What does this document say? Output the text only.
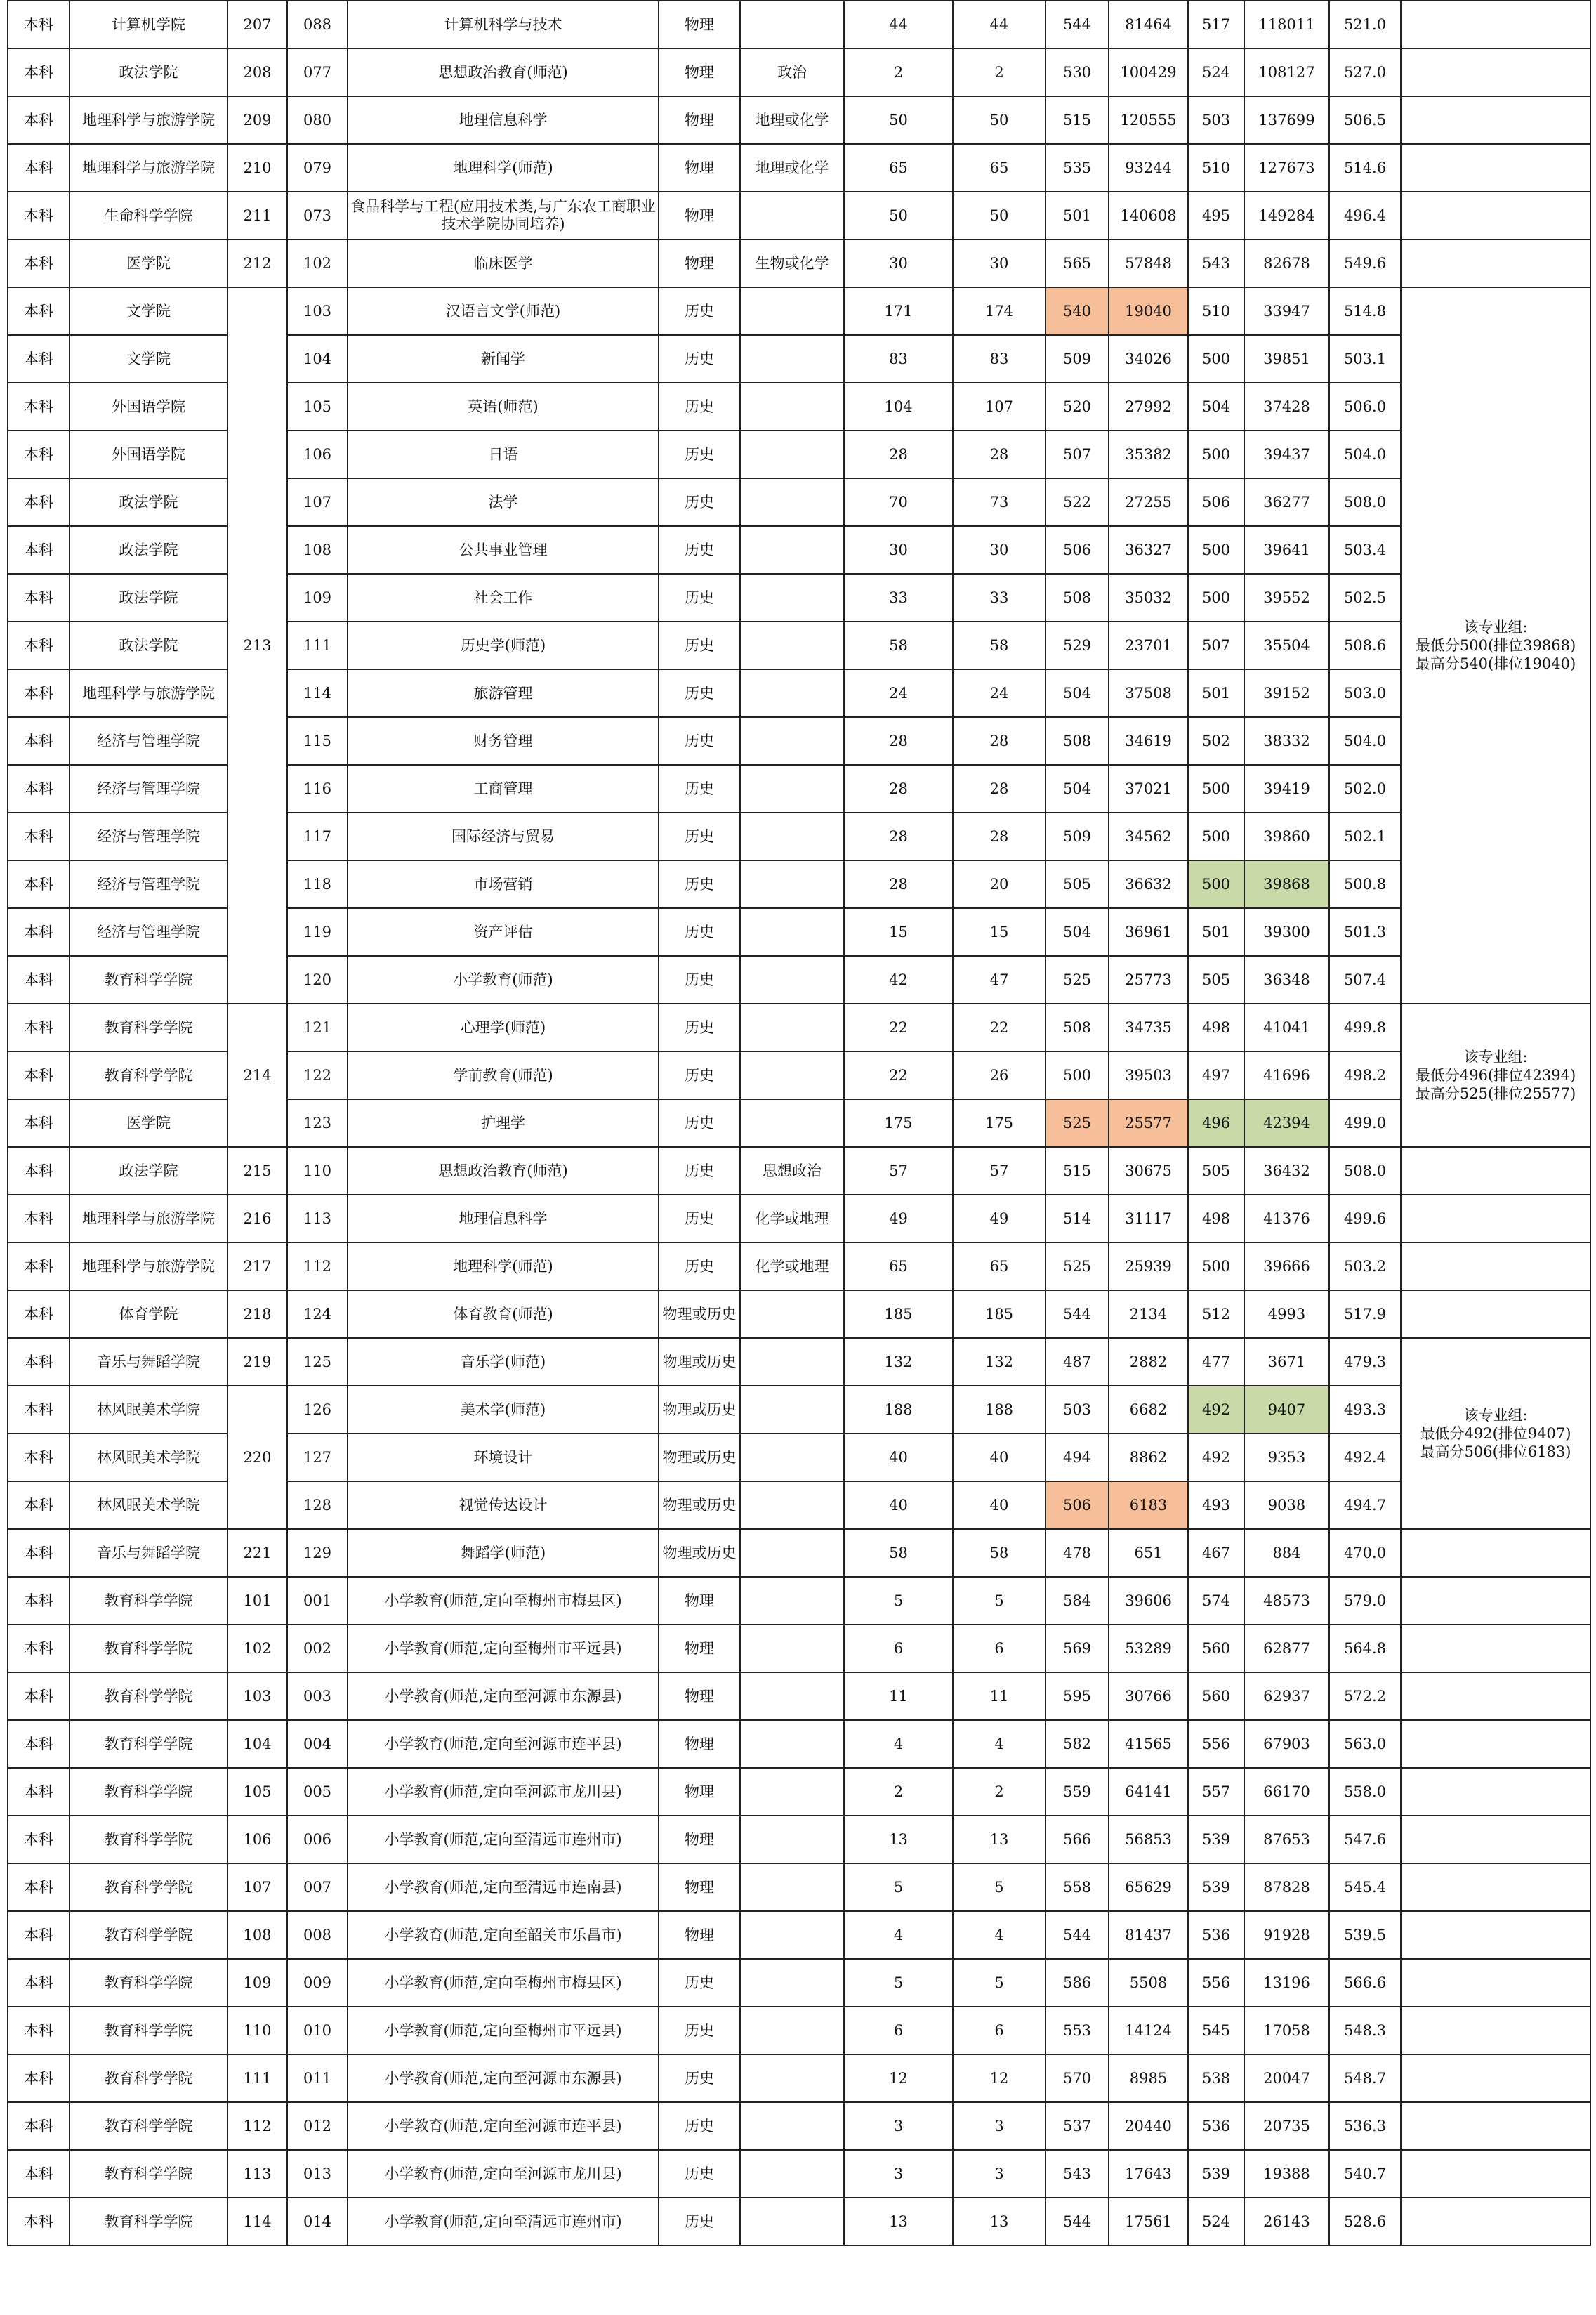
本科	计算机学院	207	088	计算机科学与技术	物理		44	44	544	81464	517	118011	521.0	
本科	政法学院	208	077	思想政治教育(师范)	物理	政治	2	2	530	100429	524	108127	527.0	
本科	地理科学与旅游学院	209	080	地理信息科学	物理	地理或化学	50	50	515	120555	503	137699	506.5	
本科	地理科学与旅游学院	210	079	地理科学(师范)	物理	地理或化学	65	65	535	93244	510	127673	514.6	
本科	生命科学学院	211	073	食品科学与工程(应用技术类,与广东农工商职业技术学院协同培养)	物理		50	50	501	140608	495	149284	496.4	
本科	医学院	212	102	临床医学	物理	生物或化学	30	30	565	57848	543	82678	549.6	
本科	文学院	213	103	汉语言文学(师范)	历史		171	174	540	19040	510	33947	514.8	该专业组:
最低分500(排位39868)
最高分540(排位19040)
本科	文学院		104	新闻学	历史		83	83	509	34026	500	39851	503.1	
本科	外国语学院		105	英语(师范)	历史		104	107	520	27992	504	37428	506.0	
本科	外国语学院		106	日语	历史		28	28	507	35382	500	39437	504.0	
本科	政法学院		107	法学	历史		70	73	522	27255	506	36277	508.0	
本科	政法学院		108	公共事业管理	历史		30	30	506	36327	500	39641	503.4	
本科	政法学院		109	社会工作	历史		33	33	508	35032	500	39552	502.5	
本科	政法学院		111	历史学(师范)	历史		58	58	529	23701	507	35504	508.6	
本科	地理科学与旅游学院		114	旅游管理	历史		24	24	504	37508	501	39152	503.0	
本科	经济与管理学院		115	财务管理	历史		28	28	508	34619	502	38332	504.0	
本科	经济与管理学院		116	工商管理	历史		28	28	504	37021	500	39419	502.0	
本科	经济与管理学院		117	国际经济与贸易	历史		28	28	509	34562	500	39860	502.1	
本科	经济与管理学院		118	市场营销	历史		28	20	505	36632	500	39868	500.8	
本科	经济与管理学院		119	资产评估	历史		15	15	504	36961	501	39300	501.3	
本科	教育科学学院		120	小学教育(师范)	历史		42	47	525	25773	505	36348	507.4	
本科	教育科学学院	214	121	心理学(师范)	历史		22	22	508	34735	498	41041	499.8	该专业组:
最低分496(排位42394)
最高分525(排位25577)
本科	教育科学学院		122	学前教育(师范)	历史		22	26	500	39503	497	41696	498.2	
本科	医学院		123	护理学	历史		175	175	525	25577	496	42394	499.0	
本科	政法学院	215	110	思想政治教育(师范)	历史	思想政治	57	57	515	30675	505	36432	508.0	
本科	地理科学与旅游学院	216	113	地理信息科学	历史	化学或地理	49	49	514	31117	498	41376	499.6	
本科	地理科学与旅游学院	217	112	地理科学(师范)	历史	化学或地理	65	65	525	25939	500	39666	503.2	
本科	体育学院	218	124	体育教育(师范)	物理或历史		185	185	544	2134	512	4993	517.9	
本科	音乐与舞蹈学院	219	125	音乐学(师范)	物理或历史		132	132	487	2882	477	3671	479.3	该专业组:
最低分492(排位9407)
最高分506(排位6183)
本科	林风眠美术学院	220	126	美术学(师范)	物理或历史		188	188	503	6682	492	9407	493.3	
本科	林风眠美术学院		127	环境设计	物理或历史		40	40	494	8862	492	9353	492.4	
本科	林风眠美术学院		128	视觉传达设计	物理或历史		40	40	506	6183	493	9038	494.7	
本科	音乐与舞蹈学院	221	129	舞蹈学(师范)	物理或历史		58	58	478	651	467	884	470.0	
本科	教育科学学院	101	001	小学教育(师范,定向至梅州市梅县区)	物理		5	5	584	39606	574	48573	579.0	
本科	教育科学学院	102	002	小学教育(师范,定向至梅州市平远县)	物理		6	6	569	53289	560	62877	564.8	
本科	教育科学学院	103	003	小学教育(师范,定向至河源市东源县)	物理		11	11	595	30766	560	62937	572.2	
本科	教育科学学院	104	004	小学教育(师范,定向至河源市连平县)	物理		4	4	582	41565	556	67903	563.0	
本科	教育科学学院	105	005	小学教育(师范,定向至河源市龙川县)	物理		2	2	559	64141	557	66170	558.0	
本科	教育科学学院	106	006	小学教育(师范,定向至清远市连州市)	物理		13	13	566	56853	539	87653	547.6	
本科	教育科学学院	107	007	小学教育(师范,定向至清远市连南县)	物理		5	5	558	65629	539	87828	545.4	
本科	教育科学学院	108	008	小学教育(师范,定向至韶关市乐昌市)	物理		4	4	544	81437	536	91928	539.5	
本科	教育科学学院	109	009	小学教育(师范,定向至梅州市梅县区)	历史		5	5	586	5508	556	13196	566.6	
本科	教育科学学院	110	010	小学教育(师范,定向至梅州市平远县)	历史		6	6	553	14124	545	17058	548.3	
本科	教育科学学院	111	011	小学教育(师范,定向至河源市东源县)	历史		12	12	570	8985	538	20047	548.7	
本科	教育科学学院	112	012	小学教育(师范,定向至河源市连平县)	历史		3	3	537	20440	536	20735	536.3	
本科	教育科学学院	113	013	小学教育(师范,定向至河源市龙川县)	历史		3	3	543	17643	539	19388	540.7	
本科	教育科学学院	114	014	小学教育(师范,定向至清远市连州市)	历史		13	13	544	17561	524	26143	528.6	
